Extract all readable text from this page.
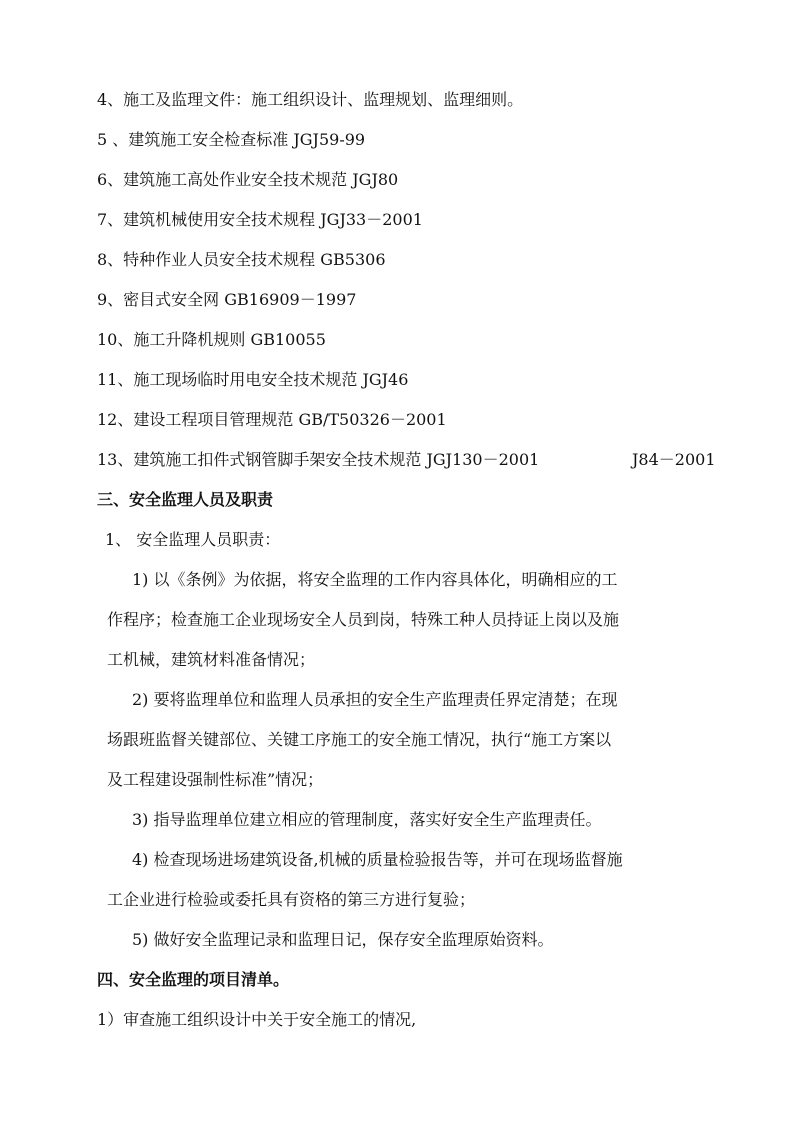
4、施工及监理文件：施工组织设计、监理规划、监理细则。
5 、建筑施工安全检查标准 JGJ59-99
6、建筑施工高处作业安全技术规范 JGJ80
7、建筑机械使用安全技术规程 JGJ33－2001
8、特种作业人员安全技术规程 GB5306
9、密目式安全网 GB16909－1997
10、施工升降机规则 GB10055
11、施工现场临时用电安全技术规范 JGJ46
12、建设工程项目管理规范 GB/T50326－2001
13、建筑施工扣件式钢管脚手架安全技术规范 JGJ130－2001	J84－2001
三、安全监理人员及职责
1、 安全监理人员职责：
1) 以《条例》为依据，将安全监理的工作内容具体化，明确相应的工
作程序；检查施工企业现场安全人员到岗，特殊工种人员持证上岗以及施
工机械，建筑材料准备情况；
2) 要将监理单位和监理人员承担的安全生产监理责任界定清楚；在现
场跟班监督关键部位、关键工序施工的安全施工情况，执行“施工方案以
及工程建设强制性标准”情况；
3) 指导监理单位建立相应的管理制度，落实好安全生产监理责任。
4) 检查现场进场建筑设备,机械的质量检验报告等，并可在现场监督施
工企业进行检验或委托具有资格的第三方进行复验；
5) 做好安全监理记录和监理日记，保存安全监理原始资料。
四、安全监理的项目清单。
1）审查施工组织设计中关于安全施工的情况,
